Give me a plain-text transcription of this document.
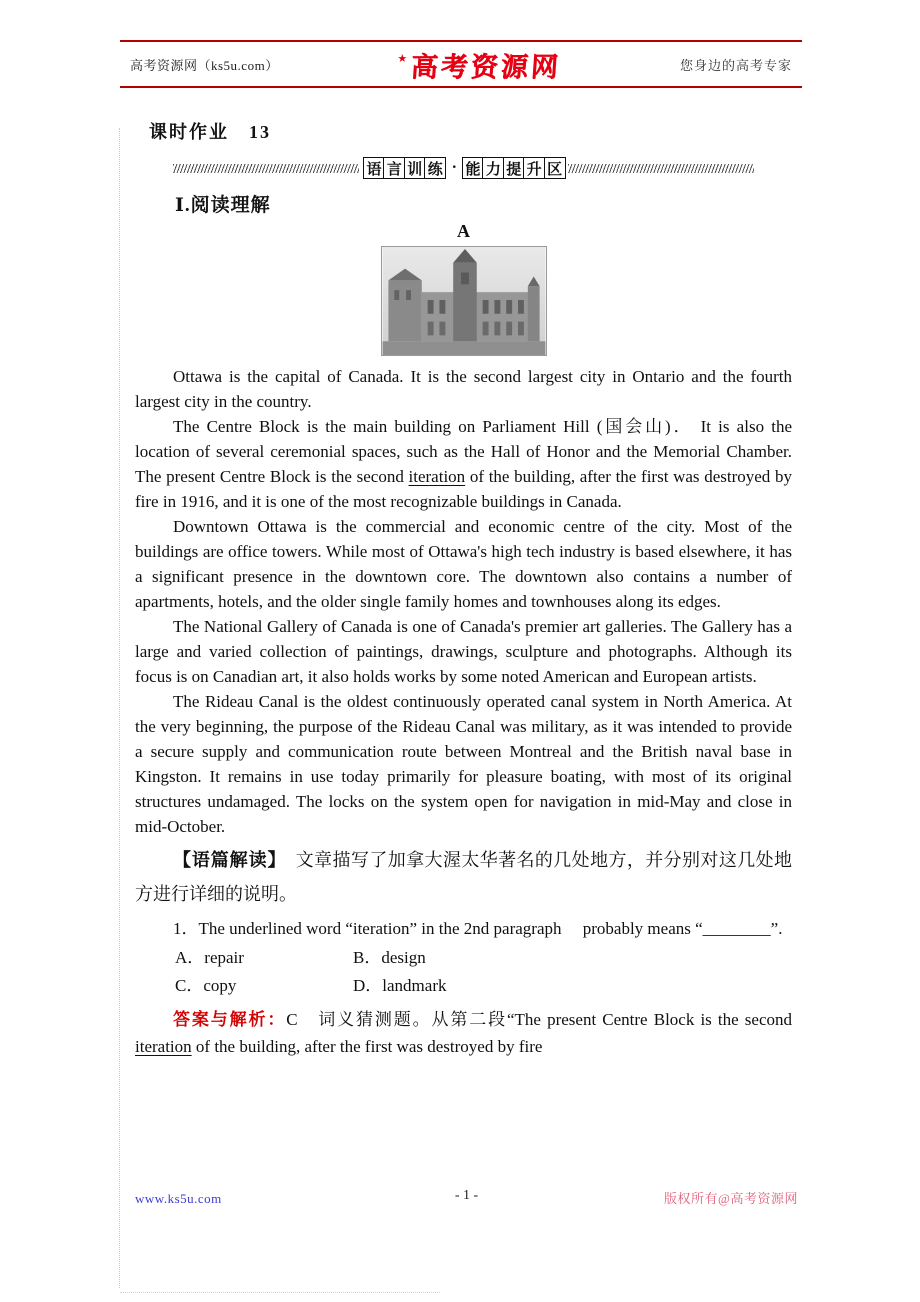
高考资源网（ks5u.com）	★ 高考资源网	您身边的高考专家
课时作业　13
语 言 训 练 · 能 力 提 升 区
Ⅰ.阅读理解
A

Ottawa is the capital of Canada. It is the second largest city in Ontario and the fourth largest city in the country.

The Centre Block is the main building on Parliament Hill (国会山)． It is also the location of several ceremonial spaces, such as the Hall of Honor and the Memorial Chamber. The present Centre Block is the second iteration of the building, after the first was destroyed by fire in 1916, and it is one of the most recognizable buildings in Canada.

Downtown Ottawa is the commercial and economic centre of the city. Most of the buildings are office towers. While most of Ottawa's high tech industry is based elsewhere, it has a significant presence in the downtown core. The downtown also contains a number of apartments, hotels, and the older single family homes and townhouses along its edges.

The National Gallery of Canada is one of Canada's premier art galleries. The Gallery has a large and varied collection of paintings, drawings, sculpture and photographs. Although its focus is on Canadian art, it also holds works by some noted American and European artists.

The Rideau Canal is the oldest continuously operated canal system in North America. At the very beginning, the purpose of the Rideau Canal was military, as it was intended to provide a secure supply and communication route between Montreal and the British naval base in Kingston. It remains in use today primarily for pleasure boating, with most of its original structures undamaged. The locks on the system open for navigation in mid-May and close in mid-October.

【语篇解读】　文章描写了加拿大渥太华著名的几处地方，并分别对这几处地方进行详细的说明。

1．The underlined word “iteration” in the 2nd paragraph　 probably means “________”.

A．repair	B．design
C．copy	D．landmark

答案与解析：C　词义猜测题。从第二段“The present Centre Block is the second iteration of the building, after the first was destroyed by fire

www.ks5u.com	- 1 -	版权所有@高考资源网
